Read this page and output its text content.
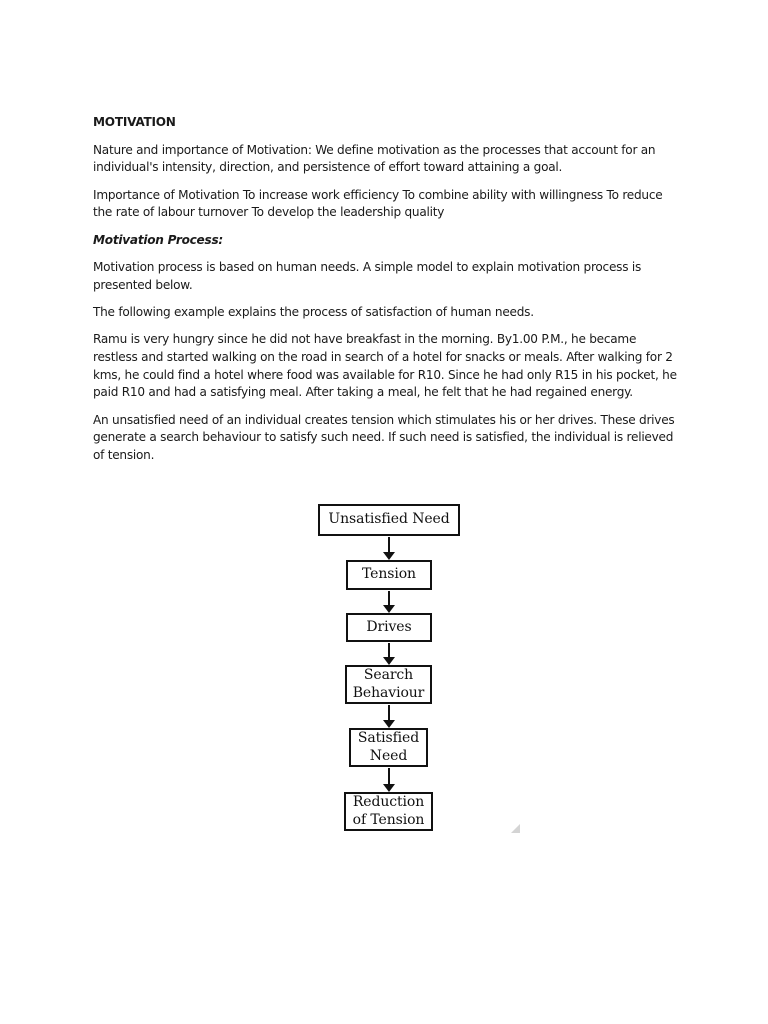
MOTIVATION

Nature and importance of Motivation: We define motivation as the processes that account for an individual's intensity, direction, and persistence of effort toward attaining a goal.

Importance of Motivation To increase work efficiency To combine ability with willingness To reduce the rate of labour turnover To develop the leadership quality

Motivation Process:

Motivation process is based on human needs. A simple model to explain motivation process is presented below.

The following example explains the process of satisfaction of human needs.

Ramu is very hungry since he did not have breakfast in the morning. By1.00 P.M., he became restless and started walking on the road in search of a hotel for snacks or meals. After walking for 2 kms, he could find a hotel where food was available for R10. Since he had only R15 in his pocket, he paid R10 and had a satisfying meal. After taking a meal, he felt that he had regained energy.

An unsatisfied need of an individual creates tension which stimulates his or her drives. These drives generate a search behaviour to satisfy such need. If such need is satisfied, the individual is relieved of tension.

Unsatisfied Need
Tension
Drives
Search
Behaviour
Satisfied
Need
Reduction
of Tension
